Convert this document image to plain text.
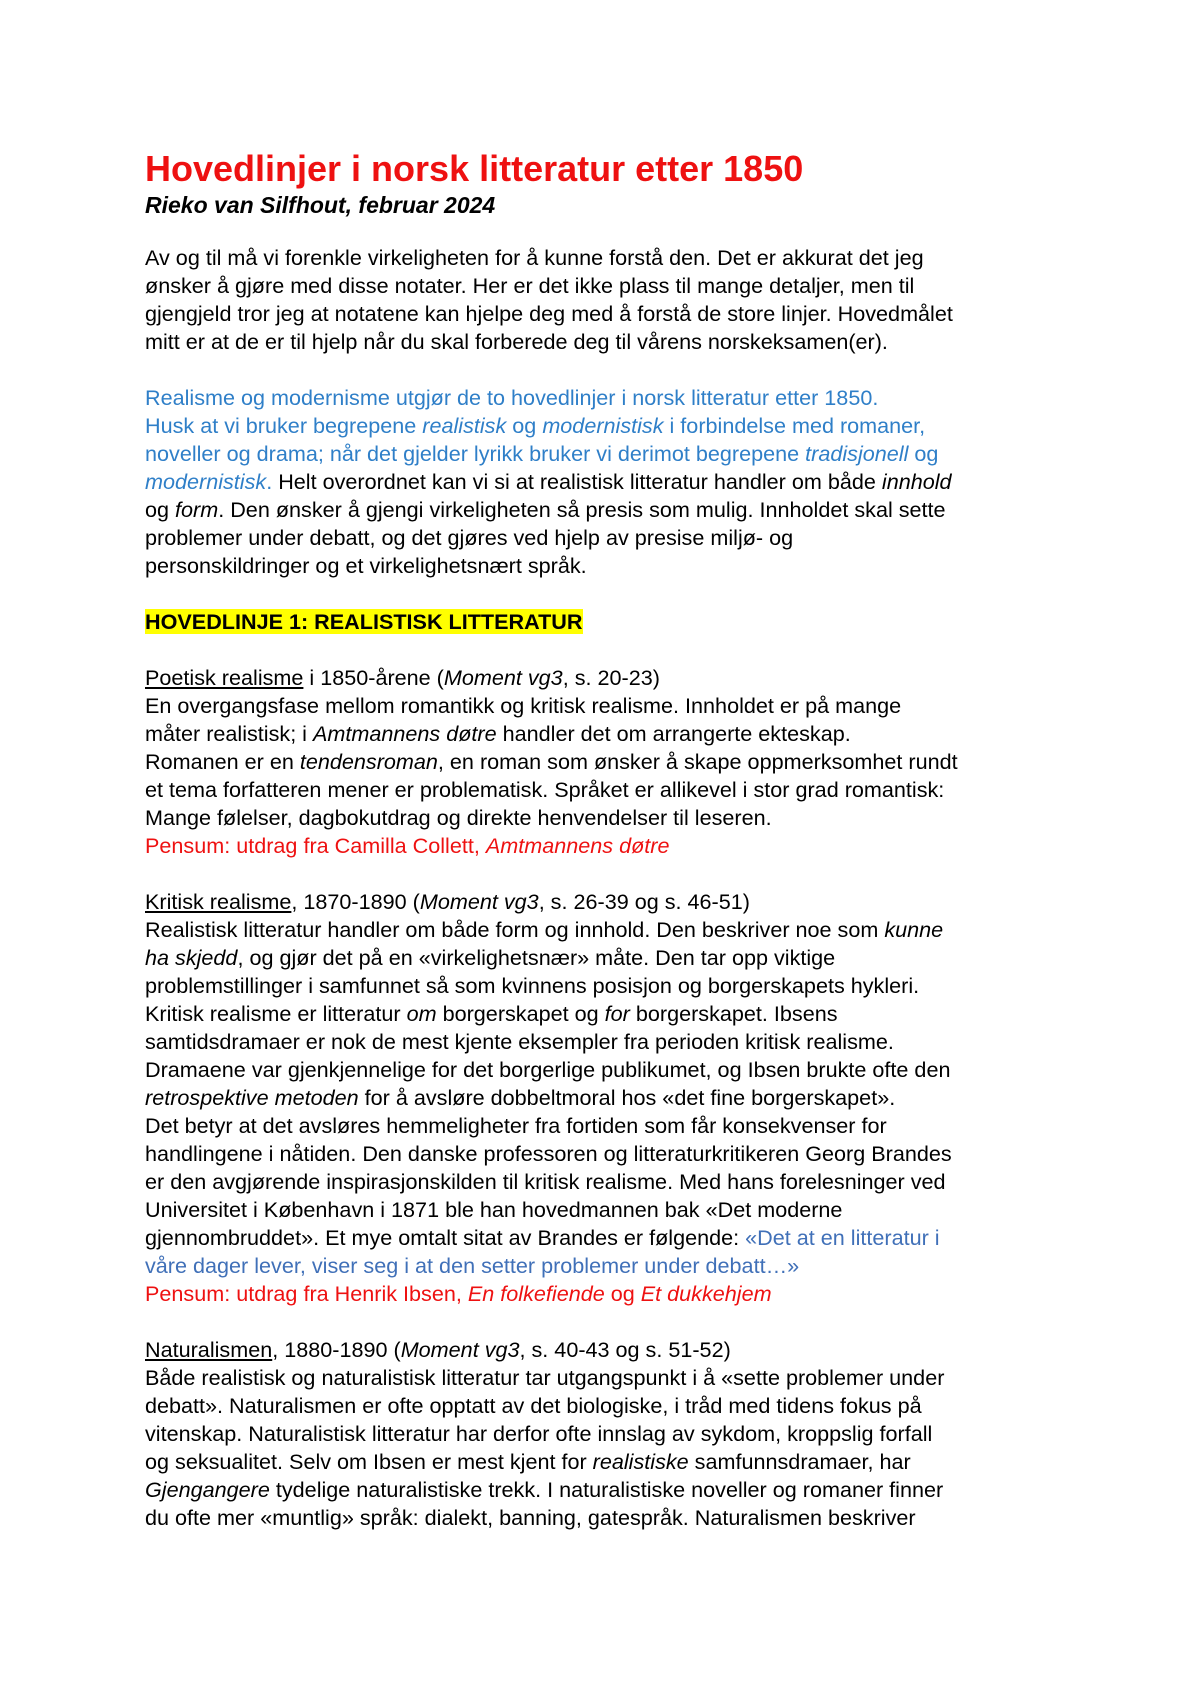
Hovedlinjer i norsk litteratur etter 1850
Rieko van Silfhout, februar 2024

Av og til må vi forenkle virkeligheten for å kunne forstå den. Det er akkurat det jeg
ønsker å gjøre med disse notater. Her er det ikke plass til mange detaljer, men til
gjengjeld tror jeg at notatene kan hjelpe deg med å forstå de store linjer. Hovedmålet
mitt er at de er til hjelp når du skal forberede deg til vårens norskeksamen(er).

Realisme og modernisme utgjør de to hovedlinjer i norsk litteratur etter 1850.
Husk at vi bruker begrepene realistisk og modernistisk i forbindelse med romaner,
noveller og drama; når det gjelder lyrikk bruker vi derimot begrepene tradisjonell og
modernistisk. Helt overordnet kan vi si at realistisk litteratur handler om både innhold
og form. Den ønsker å gjengi virkeligheten så presis som mulig. Innholdet skal sette
problemer under debatt, og det gjøres ved hjelp av presise miljø- og
personskildringer og et virkelighetsnært språk.

HOVEDLINJE 1: REALISTISK LITTERATUR

Poetisk realisme i 1850-årene (Moment vg3, s. 20-23)
En overgangsfase mellom romantikk og kritisk realisme. Innholdet er på mange
måter realistisk; i Amtmannens døtre handler det om arrangerte ekteskap.
Romanen er en tendensroman, en roman som ønsker å skape oppmerksomhet rundt
et tema forfatteren mener er problematisk. Språket er allikevel i stor grad romantisk:
Mange følelser, dagbokutdrag og direkte henvendelser til leseren.
Pensum: utdrag fra Camilla Collett, Amtmannens døtre

Kritisk realisme, 1870-1890 (Moment vg3, s. 26-39 og s. 46-51)
Realistisk litteratur handler om både form og innhold. Den beskriver noe som kunne
ha skjedd, og gjør det på en «virkelighetsnær» måte. Den tar opp viktige
problemstillinger i samfunnet så som kvinnens posisjon og borgerskapets hykleri.
Kritisk realisme er litteratur om borgerskapet og for borgerskapet. Ibsens
samtidsdramaer er nok de mest kjente eksempler fra perioden kritisk realisme.
Dramaene var gjenkjennelige for det borgerlige publikumet, og Ibsen brukte ofte den
retrospektive metoden for å avsløre dobbeltmoral hos «det fine borgerskapet».
Det betyr at det avsløres hemmeligheter fra fortiden som får konsekvenser for
handlingene i nåtiden. Den danske professoren og litteraturkritikeren Georg Brandes
er den avgjørende inspirasjonskilden til kritisk realisme. Med hans forelesninger ved
Universitet i København i 1871 ble han hovedmannen bak «Det moderne
gjennombruddet». Et mye omtalt sitat av Brandes er følgende: «Det at en litteratur i
våre dager lever, viser seg i at den setter problemer under debatt…»
Pensum: utdrag fra Henrik Ibsen, En folkefiende og Et dukkehjem

Naturalismen, 1880-1890 (Moment vg3, s. 40-43 og s. 51-52)
Både realistisk og naturalistisk litteratur tar utgangspunkt i å «sette problemer under
debatt». Naturalismen er ofte opptatt av det biologiske, i tråd med tidens fokus på
vitenskap. Naturalistisk litteratur har derfor ofte innslag av sykdom, kroppslig forfall
og seksualitet. Selv om Ibsen er mest kjent for realistiske samfunnsdramaer, har
Gjengangere tydelige naturalistiske trekk. I naturalistiske noveller og romaner finner
du ofte mer «muntlig» språk: dialekt, banning, gatespråk. Naturalismen beskriver
